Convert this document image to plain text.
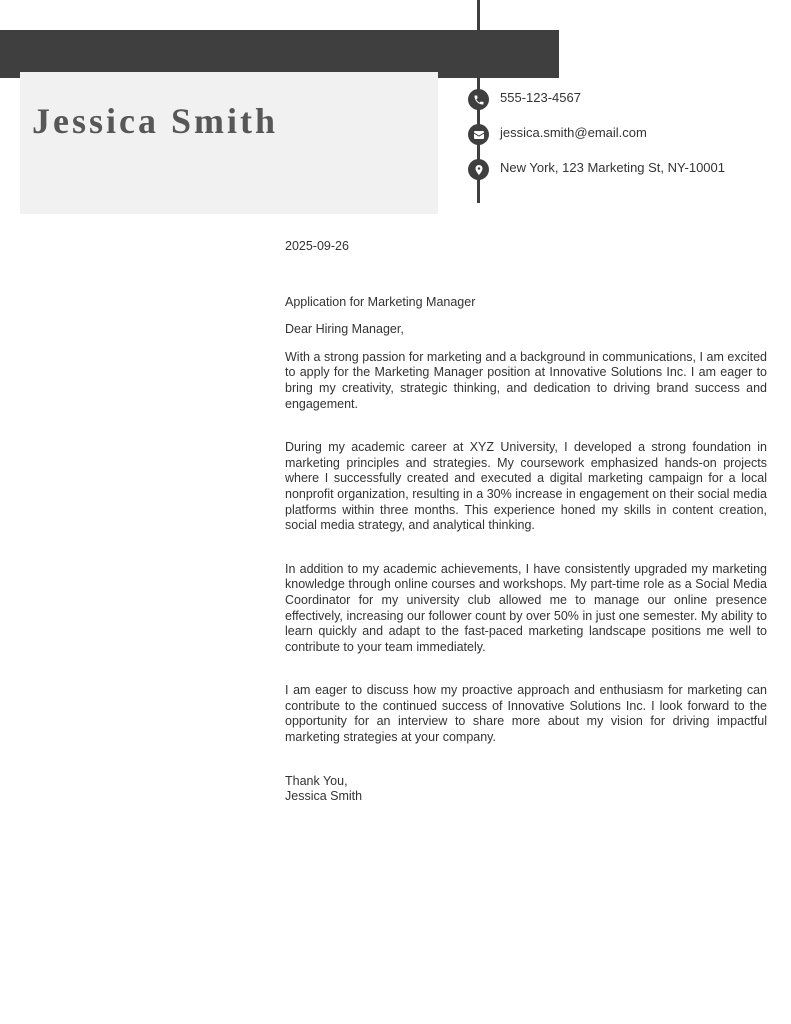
Jessica Smith
555-123-4567
jessica.smith@email.com
New York, 123 Marketing St, NY-10001

2025-09-26

Application for Marketing Manager

Dear Hiring Manager,

With a strong passion for marketing and a background in communications, I am excited to apply for the Marketing Manager position at Innovative Solutions Inc. I am eager to bring my creativity, strategic thinking, and dedication to driving brand success and engagement.

During my academic career at XYZ University, I developed a strong foundation in marketing principles and strategies. My coursework emphasized hands-on projects where I successfully created and executed a digital marketing campaign for a local nonprofit organization, resulting in a 30% increase in engagement on their social media platforms within three months. This experience honed my skills in content creation, social media strategy, and analytical thinking.

In addition to my academic achievements, I have consistently upgraded my marketing knowledge through online courses and workshops. My part-time role as a Social Media Coordinator for my university club allowed me to manage our online presence effectively, increasing our follower count by over 50% in just one semester. My ability to learn quickly and adapt to the fast-paced marketing landscape positions me well to contribute to your team immediately.

I am eager to discuss how my proactive approach and enthusiasm for marketing can contribute to the continued success of Innovative Solutions Inc. I look forward to the opportunity for an interview to share more about my vision for driving impactful marketing strategies at your company.

Thank You,

Jessica Smith
